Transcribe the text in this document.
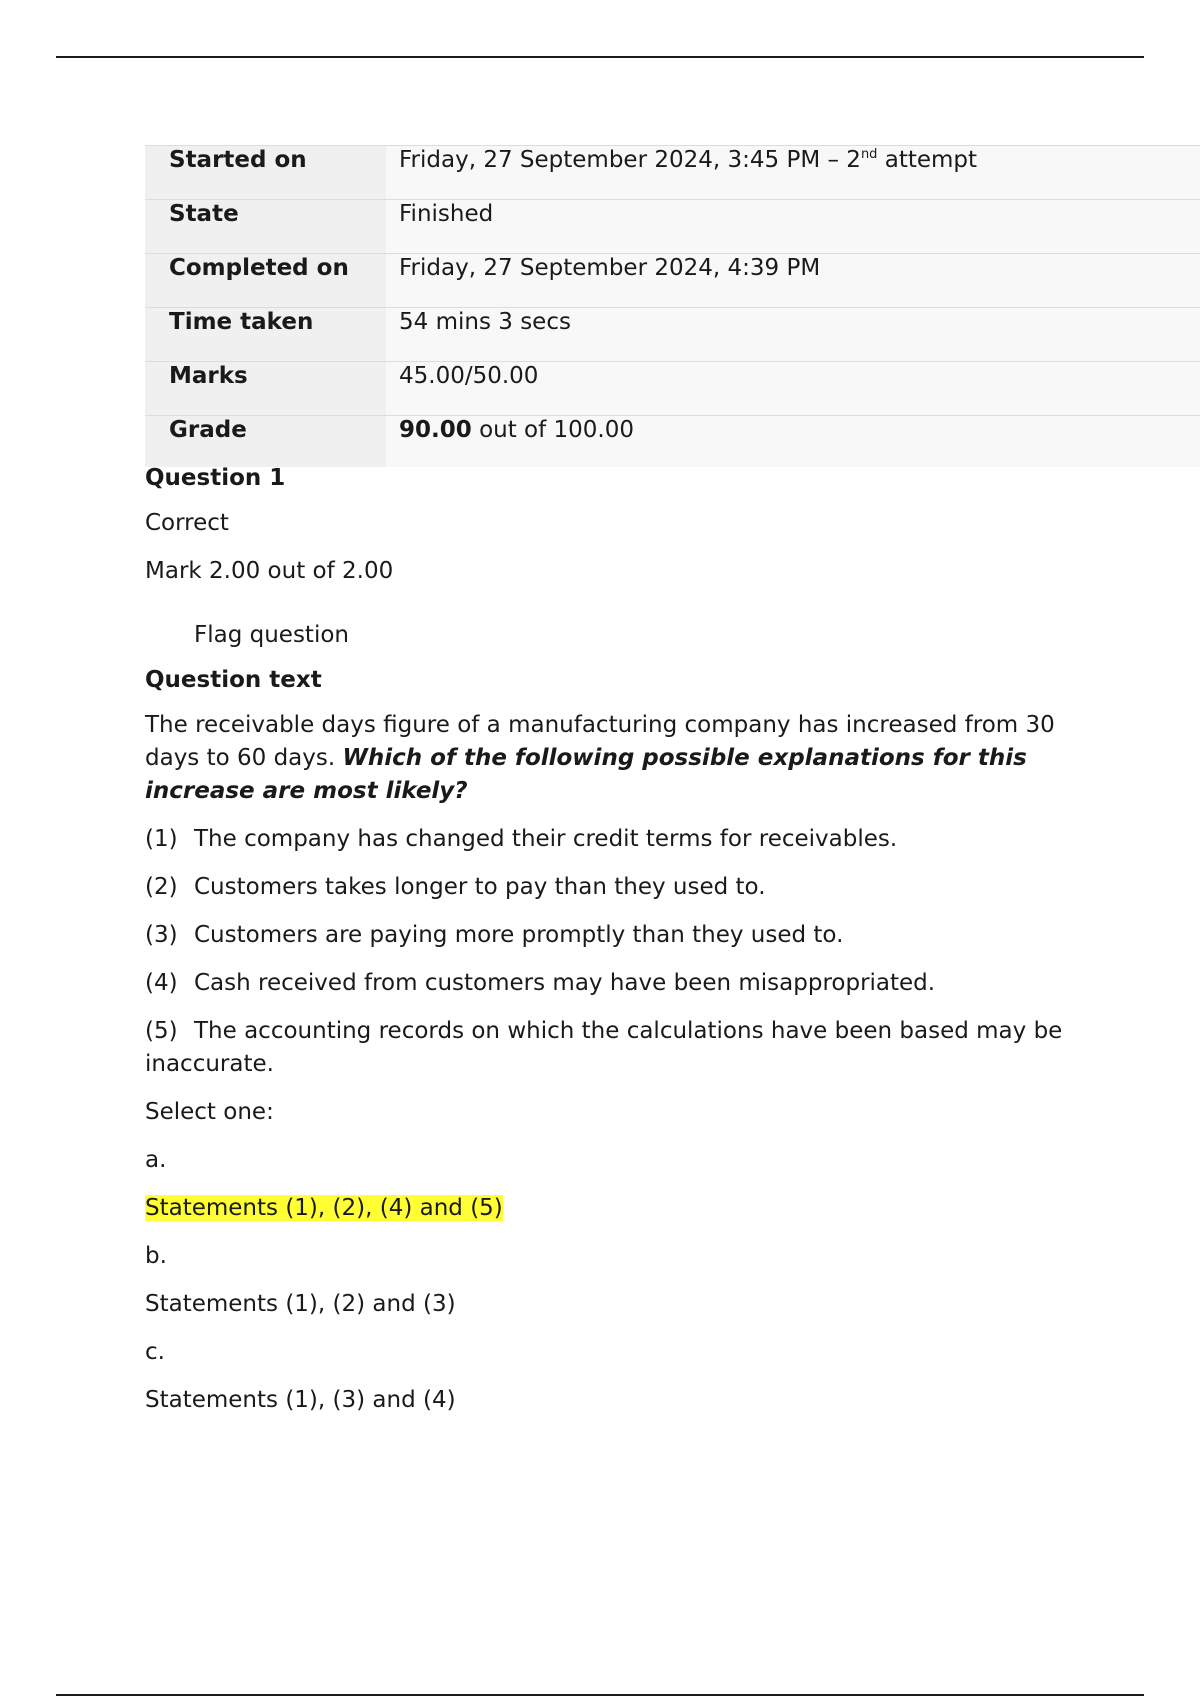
Started on	Friday, 27 September 2024, 3:45 PM – 2nd attempt
State	Finished
Completed on	Friday, 27 September 2024, 4:39 PM
Time taken	54 mins 3 secs
Marks	45.00/50.00
Grade	90.00 out of 100.00
Question 1
Correct
Mark 2.00 out of 2.00
Flag question
Question text
The receivable days figure of a manufacturing company has increased from 30 days to 60 days. Which of the following possible explanations for this increase are most likely?
(1) The company has changed their credit terms for receivables.
(2) Customers takes longer to pay than they used to.
(3) Customers are paying more promptly than they used to.
(4) Cash received from customers may have been misappropriated.
(5) The accounting records on which the calculations have been based may be inaccurate.
Select one:
a.
Statements (1), (2), (4) and (5)
b.
Statements (1), (2) and (3)
c.
Statements (1), (3) and (4)
